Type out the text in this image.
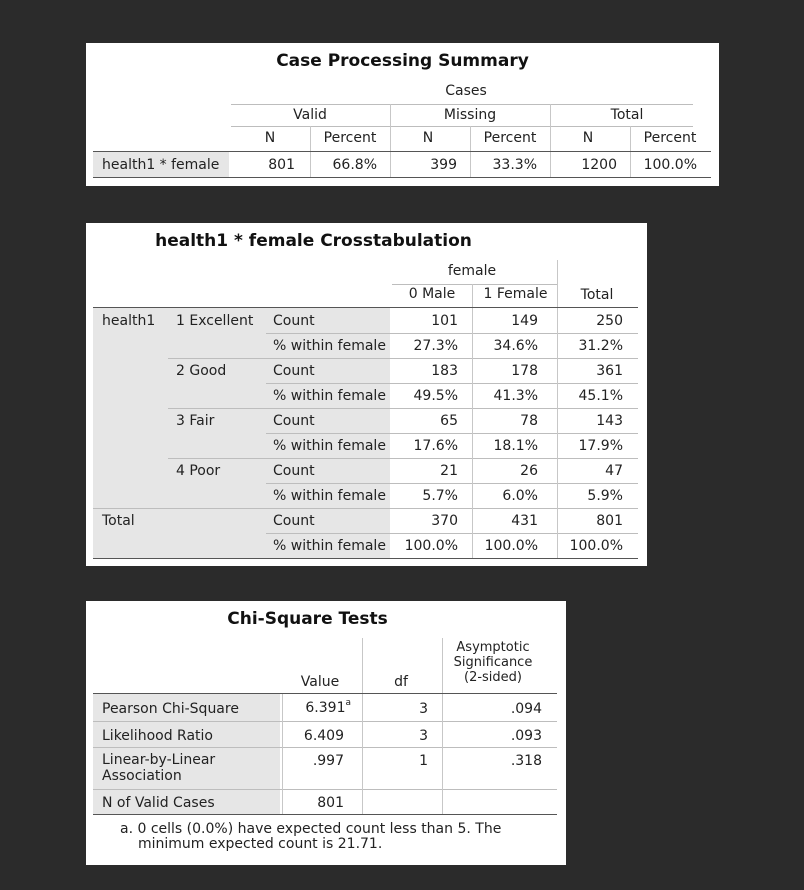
Case Processing Summary
Cases
Valid	Missing	Total
N	Percent	N	Percent	N	Percent
health1 * female	801	66.8%	399	33.3%	1200	100.0%
health1 * female Crosstabulation
female
0 Male	1 Female	Total
health1 1 Excellent Count	101	149	250
% within female	27.3%	34.6%	31.2%
2 Good	Count	183	178	361
% within female	49.5%	41.3%	45.1%
3 Fair	Count	65	78	143
% within female	17.6%	18.1%	17.9%
4 Poor	Count	21	26	47
% within female	5.7%	6.0%	5.9%
Total	Count	370	431	801
% within female	100.0%	100.0%	100.0%
Chi-Square Tests
Value	df
Asymptotic
Significance
(2-sided)
Pearson Chi-Square	6.391$^a$	3	.094
Likelihood Ratio	6.409	3	.093
Linear-by-Linear
Association
.997	1	.318
N of Valid Cases	801
a. 0 cells (0.0%) have expected count less than 5. The
minimum expected count is 21.71.
